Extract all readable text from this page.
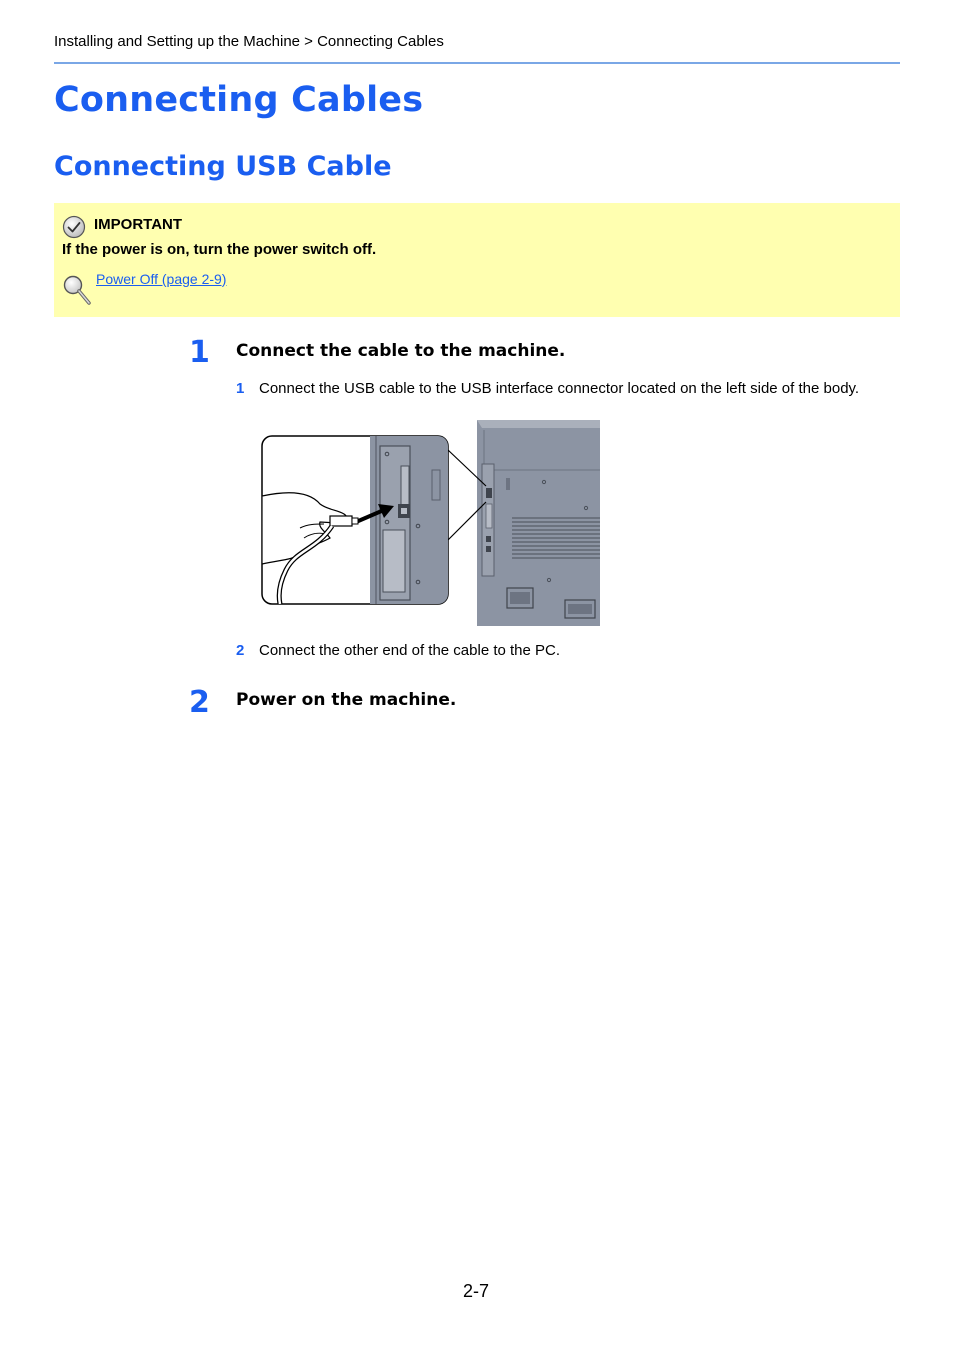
Installing and Setting up the Machine > Connecting Cables
Connecting Cables
Connecting USB Cable
IMPORTANT
If the power is on, turn the power switch off.
Power Off (page 2-9)
1 Connect the cable to the machine.
1 Connect the USB cable to the USB interface connector located on the left side of the body.
2 Connect the other end of the cable to the PC.
2 Power on the machine.
2-7
